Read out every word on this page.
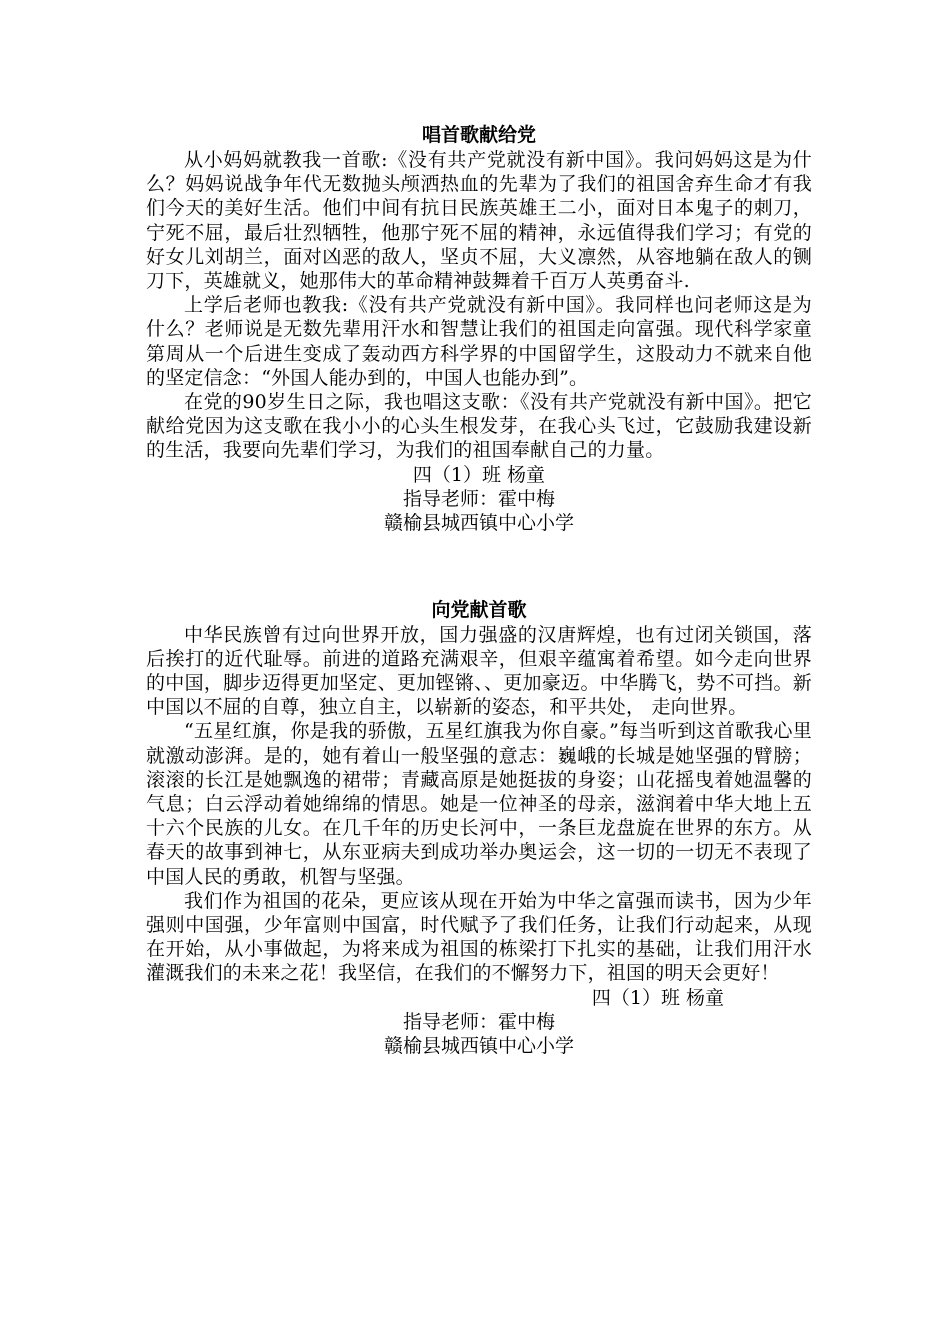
唱首歌献给党

从小妈妈就教我一首歌:《没有共产党就没有新中国》。我问妈妈这是为什么？妈妈说战争年代无数抛头颅洒热血的先辈为了我们的祖国舍弃生命才有我们今天的美好生活。他们中间有抗日民族英雄王二小，面对日本鬼子的刺刀，宁死不屈，最后壮烈牺牲，他那宁死不屈的精神，永远值得我们学习；有党的好女儿刘胡兰，面对凶恶的敌人，坚贞不屈，大义凛然，从容地躺在敌人的铡刀下，英雄就义，她那伟大的革命精神鼓舞着千百万人英勇奋斗.

上学后老师也教我:《没有共产党就没有新中国》。我同样也问老师这是为什么？老师说是无数先辈用汗水和智慧让我们的祖国走向富强。现代科学家童第周从一个后进生变成了轰动西方科学界的中国留学生，这股动力不就来自他的坚定信念：“外国人能办到的，中国人也能办到”。

在党的90岁生日之际，我也唱这支歌：《没有共产党就没有新中国》。把它献给党因为这支歌在我小小的心头生根发芽，在我心头飞过，它鼓励我建设新的生活，我要向先辈们学习，为我们的祖国奉献自己的力量。

四（1）班 杨童

指导老师：霍中梅

赣榆县城西镇中心小学

向党献首歌

中华民族曾有过向世界开放，国力强盛的汉唐辉煌，也有过闭关锁国，落后挨打的近代耻辱。前进的道路充满艰辛，但艰辛蕴寓着希望。如今走向世界的中国，脚步迈得更加坚定、更加铿锵、、更加豪迈。中华腾飞，势不可挡。新中国以不屈的自尊，独立自主，以崭新的姿态，和平共处， 走向世界。

“五星红旗，你是我的骄傲，五星红旗我为你自豪。”每当听到这首歌我心里就激动澎湃。是的，她有着山一般坚强的意志：巍峨的长城是她坚强的臂膀；滚滚的长江是她飘逸的裙带；青藏高原是她挺拔的身姿；山花摇曳着她温馨的气息；白云浮动着她绵绵的情思。她是一位神圣的母亲，滋润着中华大地上五十六个民族的儿女。在几千年的历史长河中，一条巨龙盘旋在世界的东方。从春天的故事到神七，从东亚病夫到成功举办奥运会，这一切的一切无不表现了中国人民的勇敢，机智与坚强。

我们作为祖国的花朵，更应该从现在开始为中华之富强而读书，因为少年强则中国强，少年富则中国富，时代赋予了我们任务，让我们行动起来，从现在开始，从小事做起，为将来成为祖国的栋梁打下扎实的基础，让我们用汗水灌溉我们的未来之花！我坚信，在我们的不懈努力下，祖国的明天会更好！

四（1）班 杨童

指导老师：霍中梅

赣榆县城西镇中心小学
